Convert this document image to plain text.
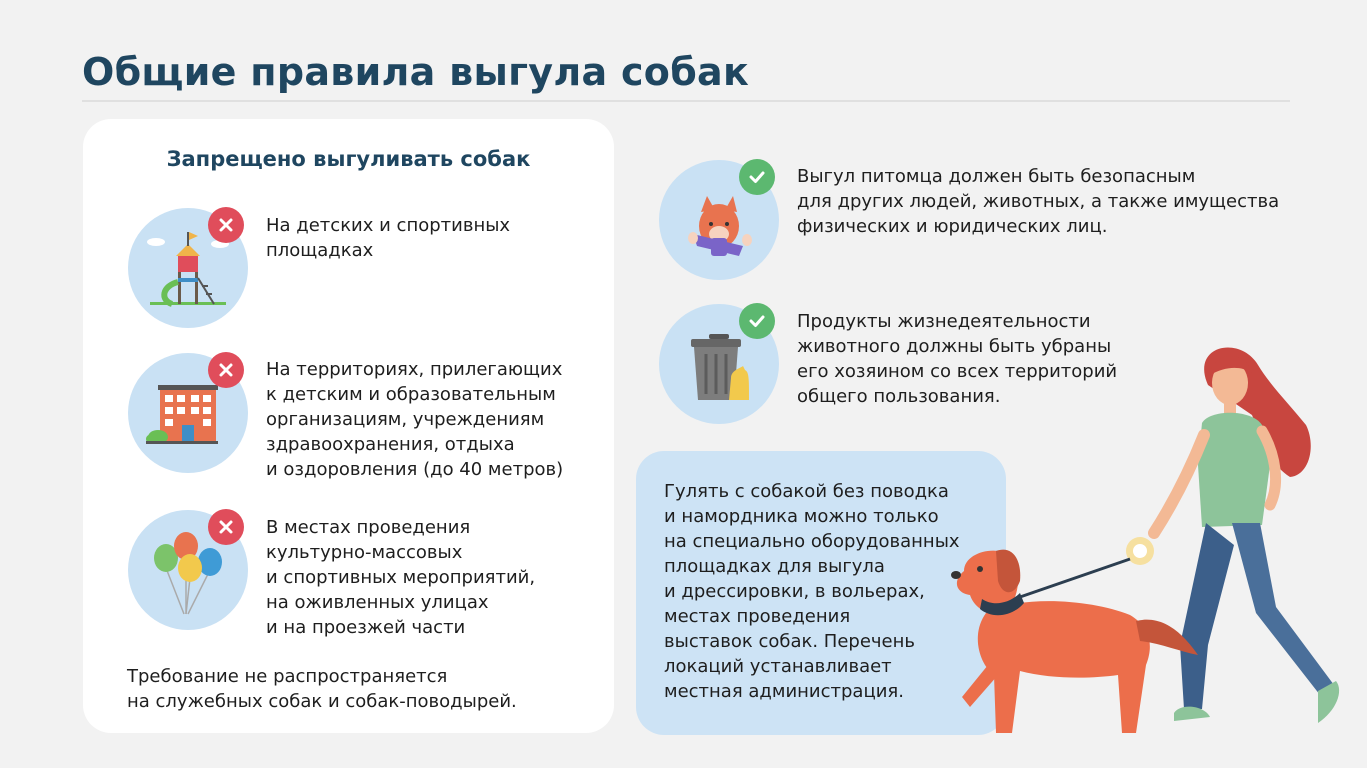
Общие правила выгула собак
Запрещено выгуливать собак
На детских и спортивных
площадках
На территориях, прилегающих
к детским и образовательным
организациям, учреждениям
здравоохранения, отдыха
и оздоровления (до 40 метров)
В местах проведения
культурно-массовых
и спортивных мероприятий,
на оживленных улицах
и на проезжей части
Требование не распространяется
на служебных собак и собак-поводырей.
Выгул питомца должен быть безопасным
для других людей, животных, а также имущества
физических и юридических лиц.
Продукты жизнедеятельности
животного должны быть убраны
его хозяином со всех территорий
общего пользования.
Гулять с собакой без поводка
и намордника можно только
на специально оборудованных
площадках для выгула
и дрессировки, в вольерах,
местах проведения
выставок собак. Перечень
локаций устанавливает
местная администрация.
